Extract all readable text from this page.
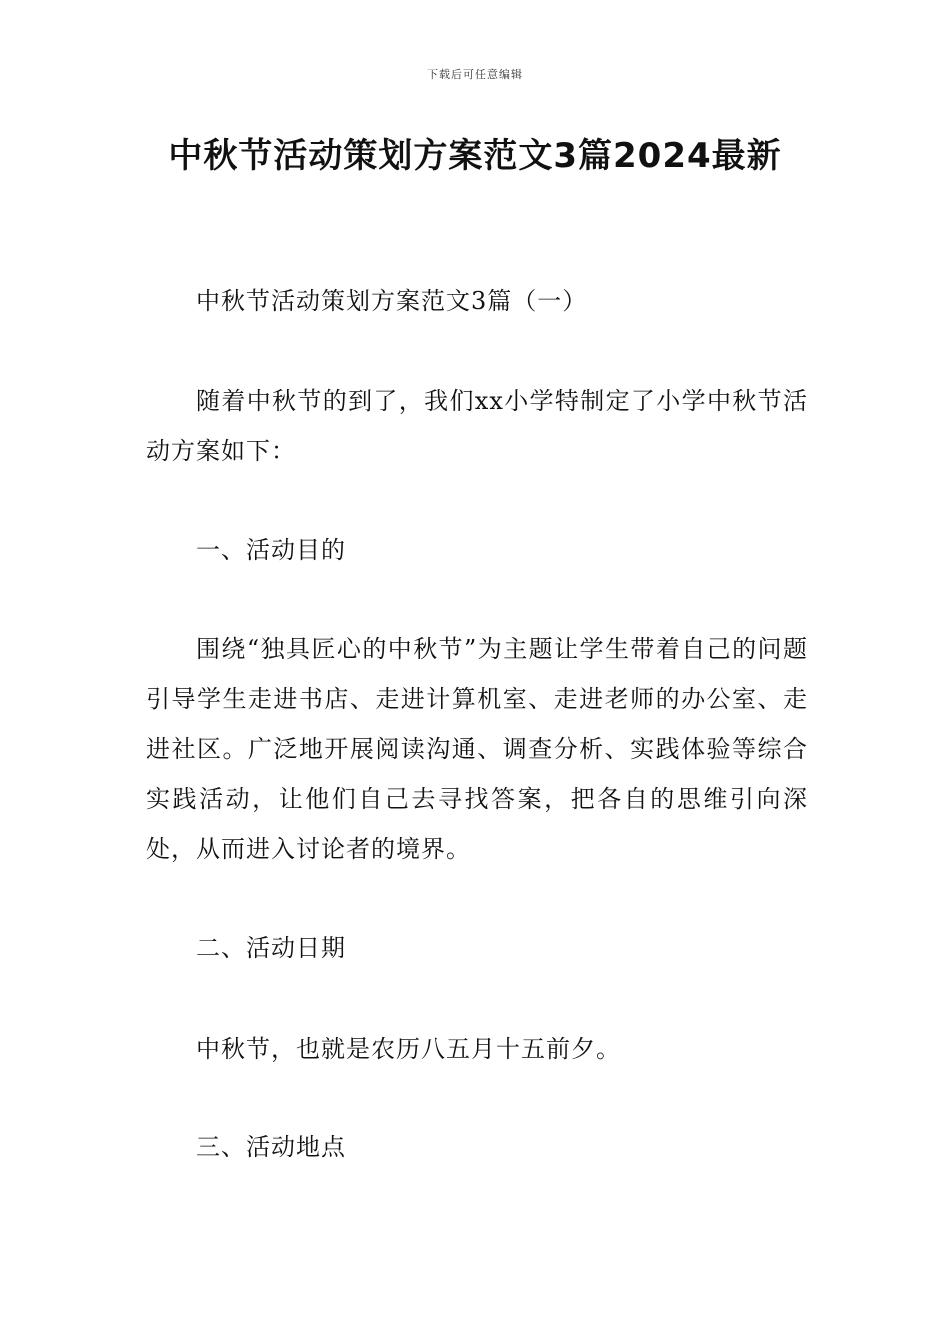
下载后可任意编辑
中秋节活动策划方案范文3篇2024最新

中秋节活动策划方案范文3篇（一）

随着中秋节的到了，我们xx小学特制定了小学中秋节活动方案如下：

一、活动目的

围绕“独具匠心的中秋节”为主题让学生带着自己的问题引导学生走进书店、走进计算机室、走进老师的办公室、走进社区。广泛地开展阅读沟通、调查分析、实践体验等综合实践活动，让他们自己去寻找答案，把各自的思维引向深处，从而进入讨论者的境界。

二、活动日期

中秋节，也就是农历八五月十五前夕。

三、活动地点
